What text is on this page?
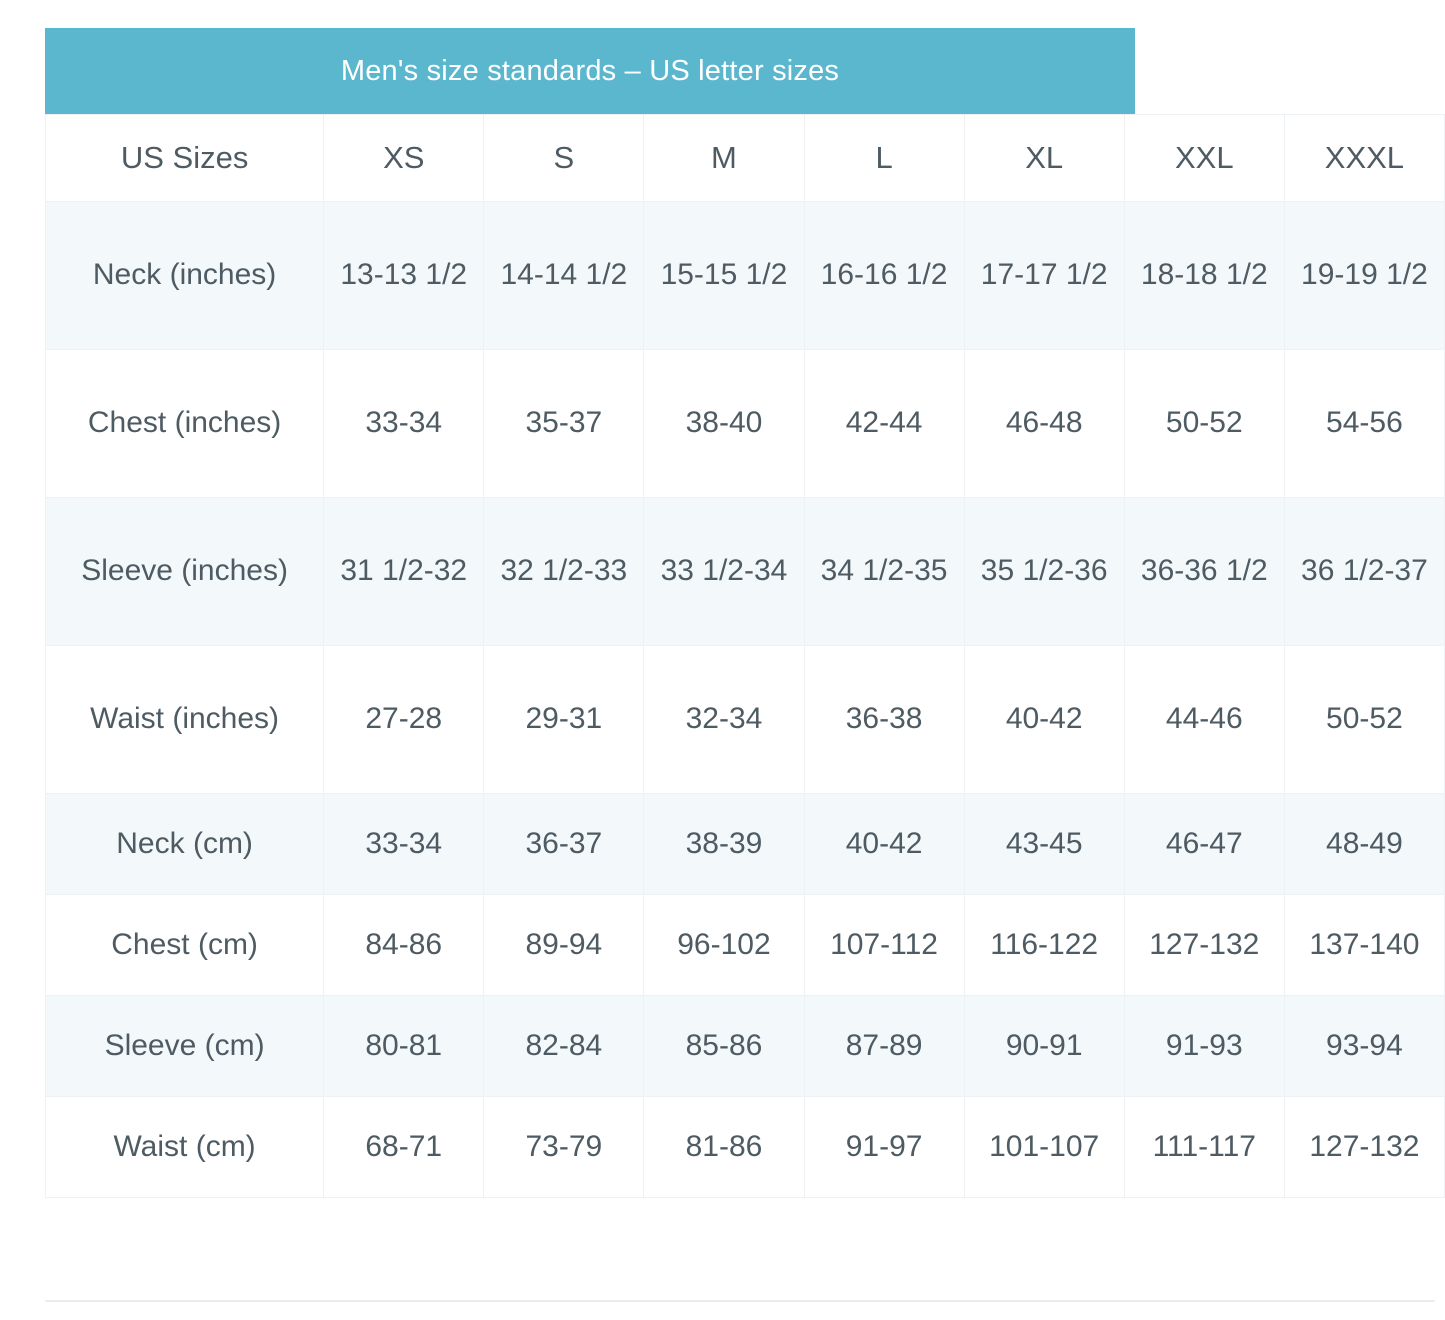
Men's size standards – US letter sizes
US Sizes	XS	S	M	L	XL	XXL	XXXL
Neck (inches)	13-13 1/2	14-14 1/2	15-15 1/2	16-16 1/2	17-17 1/2	18-18 1/2	19-19 1/2
Chest (inches)	33-34	35-37	38-40	42-44	46-48	50-52	54-56
Sleeve (inches)	31 1/2-32	32 1/2-33	33 1/2-34	34 1/2-35	35 1/2-36	36-36 1/2	36 1/2-37
Waist (inches)	27-28	29-31	32-34	36-38	40-42	44-46	50-52
Neck (cm)	33-34	36-37	38-39	40-42	43-45	46-47	48-49
Chest (cm)	84-86	89-94	96-102	107-112	116-122	127-132	137-140
Sleeve (cm)	80-81	82-84	85-86	87-89	90-91	91-93	93-94
Waist (cm)	68-71	73-79	81-86	91-97	101-107	111-117	127-132
